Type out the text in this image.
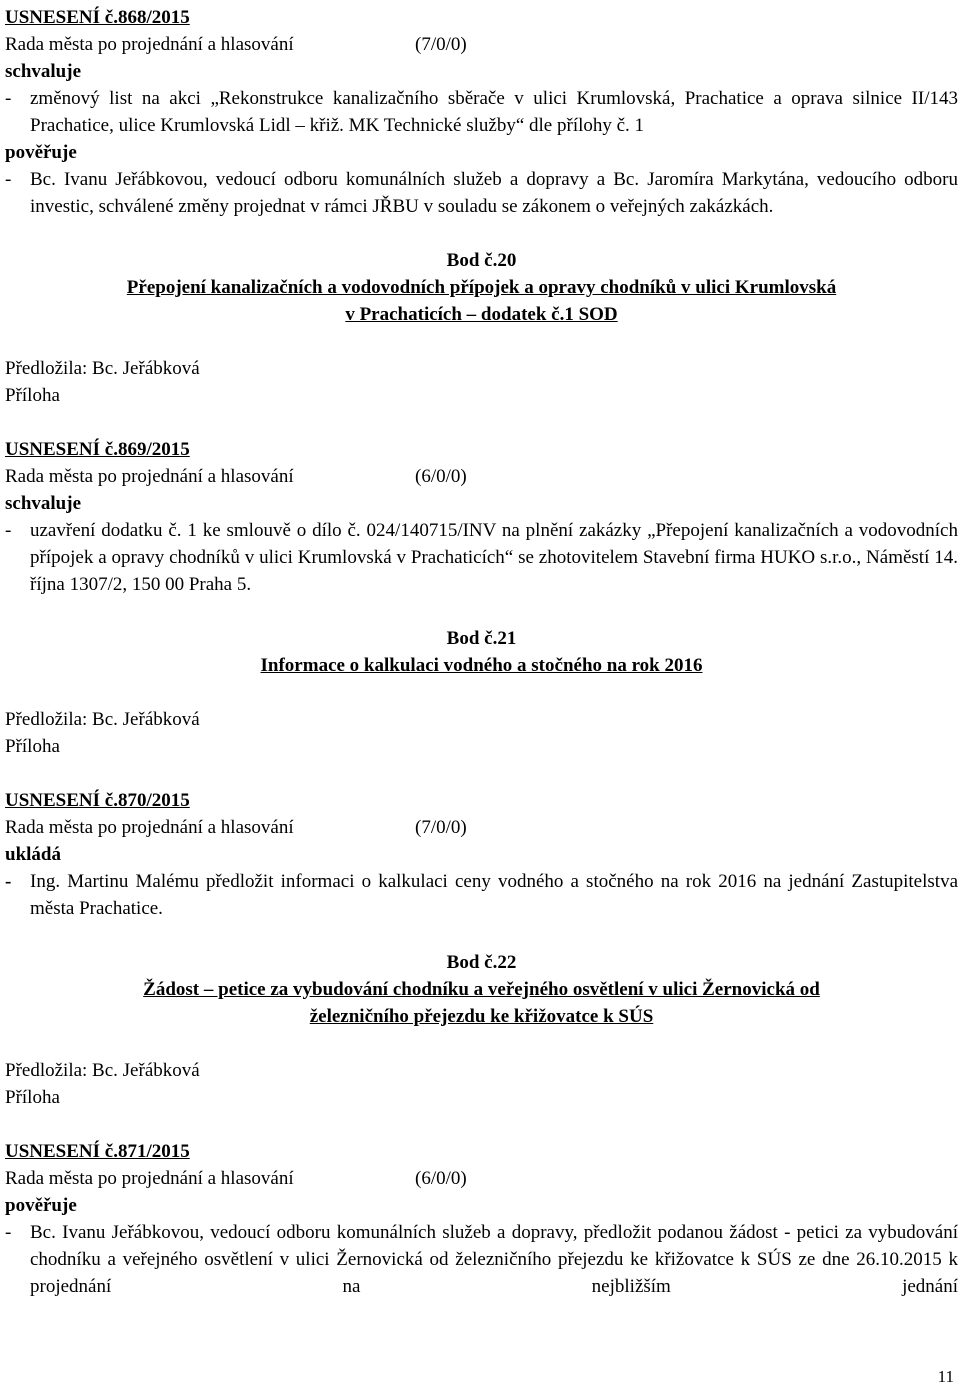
USNESENÍ č.868/2015
Rada města po projednání a hlasování	(7/0/0)
schvaluje
- změnový list na akci „Rekonstrukce kanalizačního sběrače v ulici Krumlovská, Prachatice a oprava silnice II/143 Prachatice, ulice Krumlovská Lidl – křiž. MK Technické služby“ dle přílohy č. 1
pověřuje
- Bc. Ivanu Jeřábkovou, vedoucí odboru komunálních služeb a dopravy a Bc. Jaromíra Markytána, vedoucího odboru investic, schválené změny projednat v rámci JŘBU v souladu se zákonem o veřejných zakázkách.
Bod č.20
Přepojení kanalizačních a vodovodních přípojek a opravy chodníků v ulici Krumlovská
v Prachaticích – dodatek č.1 SOD
Předložila: Bc. Jeřábková
Příloha
USNESENÍ č.869/2015
Rada města po projednání a hlasování	(6/0/0)
schvaluje
- uzavření dodatku č. 1 ke smlouvě o dílo č. 024/140715/INV na plnění zakázky „Přepojení kanalizačních a vodovodních přípojek a opravy chodníků v ulici Krumlovská v Prachaticích“ se zhotovitelem Stavební firma HUKO s.r.o., Náměstí 14. října 1307/2, 150 00 Praha 5.
Bod č.21
Informace o kalkulaci vodného a stočného na rok 2016
Předložila: Bc. Jeřábková
Příloha
USNESENÍ č.870/2015
Rada města po projednání a hlasování	(7/0/0)
ukládá
- Ing. Martinu Malému předložit informaci o kalkulaci ceny vodného a stočného na rok 2016 na jednání Zastupitelstva města Prachatice.
Bod č.22
Žádost – petice za vybudování chodníku a veřejného osvětlení v ulici Žernovická od
železničního přejezdu ke křižovatce k SÚS
Předložila: Bc. Jeřábková
Příloha
USNESENÍ č.871/2015
Rada města po projednání a hlasování	(6/0/0)
pověřuje
- Bc. Ivanu Jeřábkovou, vedoucí odboru komunálních služeb a dopravy, předložit podanou žádost - petici za vybudování chodníku a veřejného osvětlení v ulici Žernovická od železničního přejezdu ke křižovatce k SÚS ze dne 26.10.2015 k projednání na nejbližším jednání
11
